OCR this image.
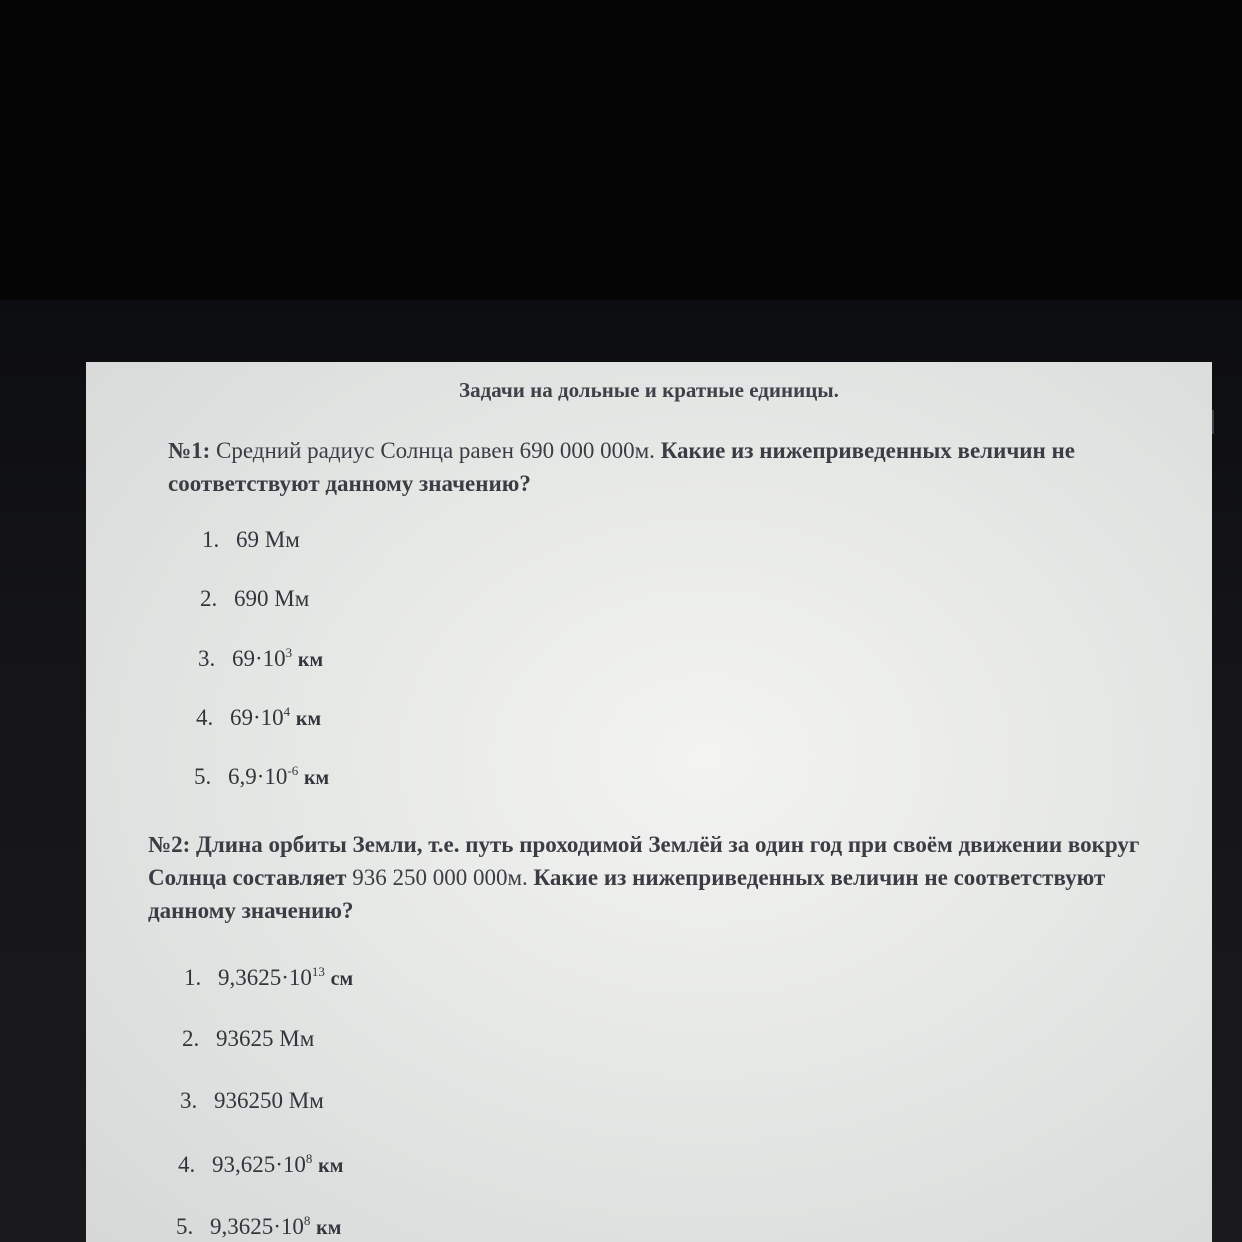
Задачи на дольные и кратные единицы.
№1: Средний радиус Солнца равен 690 000 000м. Какие из нижеприведенных величин не соответствуют данному значению?
1. 69 Мм
2. 690 Мм
3. $69\cdot 10^3$ км
4. $69\cdot 10^4$ км
5. $6,9\cdot 10^{-6}$ км
№2: Длина орбиты Земли, т.е. путь проходимой Землёй за один год при своём движении вокруг Солнца составляет 936 250 000 000м. Какие из нижеприведенных величин не соответствуют данному значению?
1. $9,3625\cdot 10^{13}$ см
2. 93625 Мм
3. 936250 Мм
4. $93,625\cdot 10^8$ км
5. $9,3625\cdot 10^8$ км
